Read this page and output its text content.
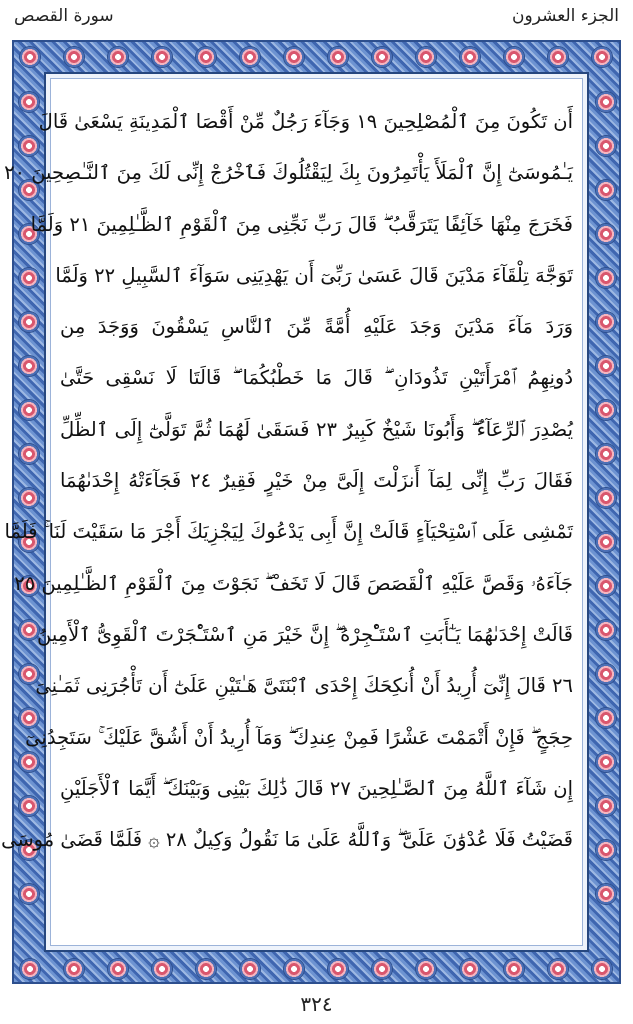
الجزء العشرون
سورة القصص
أَن تَكُونَ مِنَ ٱلْمُصْلِحِينَ ١٩ وَجَآءَ رَجُلٌ مِّنْ أَقْصَا ٱلْمَدِينَةِ يَسْعَىٰ قَالَ
يَـٰمُوسَىٰٓ إِنَّ ٱلْمَلَأَ يَأْتَمِرُونَ بِكَ لِيَقْتُلُوكَ فَٱخْرُجْ إِنِّى لَكَ مِنَ ٱلنَّـٰصِحِينَ ٢٠
فَخَرَجَ مِنْهَا خَآئِفًا يَتَرَقَّبُ ۖ قَالَ رَبِّ نَجِّنِى مِنَ ٱلْقَوْمِ ٱلظَّـٰلِمِينَ ٢١ وَلَمَّا
تَوَجَّهَ تِلْقَآءَ مَدْيَنَ قَالَ عَسَىٰ رَبِّىٓ أَن يَهْدِيَنِى سَوَآءَ ٱلسَّبِيلِ ٢٢ وَلَمَّا
وَرَدَ مَآءَ مَدْيَنَ وَجَدَ عَلَيْهِ أُمَّةً مِّنَ ٱلنَّاسِ يَسْقُونَ وَوَجَدَ مِن
دُونِهِمُ ٱمْرَأَتَيْنِ تَذُودَانِ ۖ قَالَ مَا خَطْبُكُمَا ۖ قَالَتَا لَا نَسْقِى حَتَّىٰ
يُصْدِرَ ٱلرِّعَآءُ ۖ وَأَبُونَا شَيْخٌ كَبِيرٌ ٢٣ فَسَقَىٰ لَهُمَا ثُمَّ تَوَلَّىٰٓ إِلَى ٱلظِّلِّ
فَقَالَ رَبِّ إِنِّى لِمَآ أَنزَلْتَ إِلَىَّ مِنْ خَيْرٍ فَقِيرٌ ٢٤ فَجَآءَتْهُ إِحْدَىٰهُمَا
تَمْشِى عَلَى ٱسْتِحْيَآءٍ قَالَتْ إِنَّ أَبِى يَدْعُوكَ لِيَجْزِيَكَ أَجْرَ مَا سَقَيْتَ لَنَا ۚ فَلَمَّا
جَآءَهُۥ وَقَصَّ عَلَيْهِ ٱلْقَصَصَ قَالَ لَا تَخَفْ ۖ نَجَوْتَ مِنَ ٱلْقَوْمِ ٱلظَّـٰلِمِينَ ٢٥
قَالَتْ إِحْدَىٰهُمَا يَـٰٓأَبَتِ ٱسْتَـْٔجِرْهُ ۖ إِنَّ خَيْرَ مَنِ ٱسْتَـْٔجَرْتَ ٱلْقَوِىُّ ٱلْأَمِينُ
٢٦ قَالَ إِنِّىٓ أُرِيدُ أَنْ أُنكِحَكَ إِحْدَى ٱبْنَتَىَّ هَـٰتَيْنِ عَلَىٰٓ أَن تَأْجُرَنِى ثَمَـٰنِىَ
حِجَجٍ ۖ فَإِنْ أَتْمَمْتَ عَشْرًا فَمِنْ عِندِكَ ۖ وَمَآ أُرِيدُ أَنْ أَشُقَّ عَلَيْكَ ۚ سَتَجِدُنِىٓ
إِن شَآءَ ٱللَّهُ مِنَ ٱلصَّـٰلِحِينَ ٢٧ قَالَ ذَٰلِكَ بَيْنِى وَبَيْنَكَ ۖ أَيَّمَا ٱلْأَجَلَيْنِ
قَضَيْتُ فَلَا عُدْوَٰنَ عَلَىَّ ۖ وَٱللَّهُ عَلَىٰ مَا نَقُولُ وَكِيلٌ ٢٨ ۞ فَلَمَّا قَضَىٰ مُوسَى
٣٢٤
